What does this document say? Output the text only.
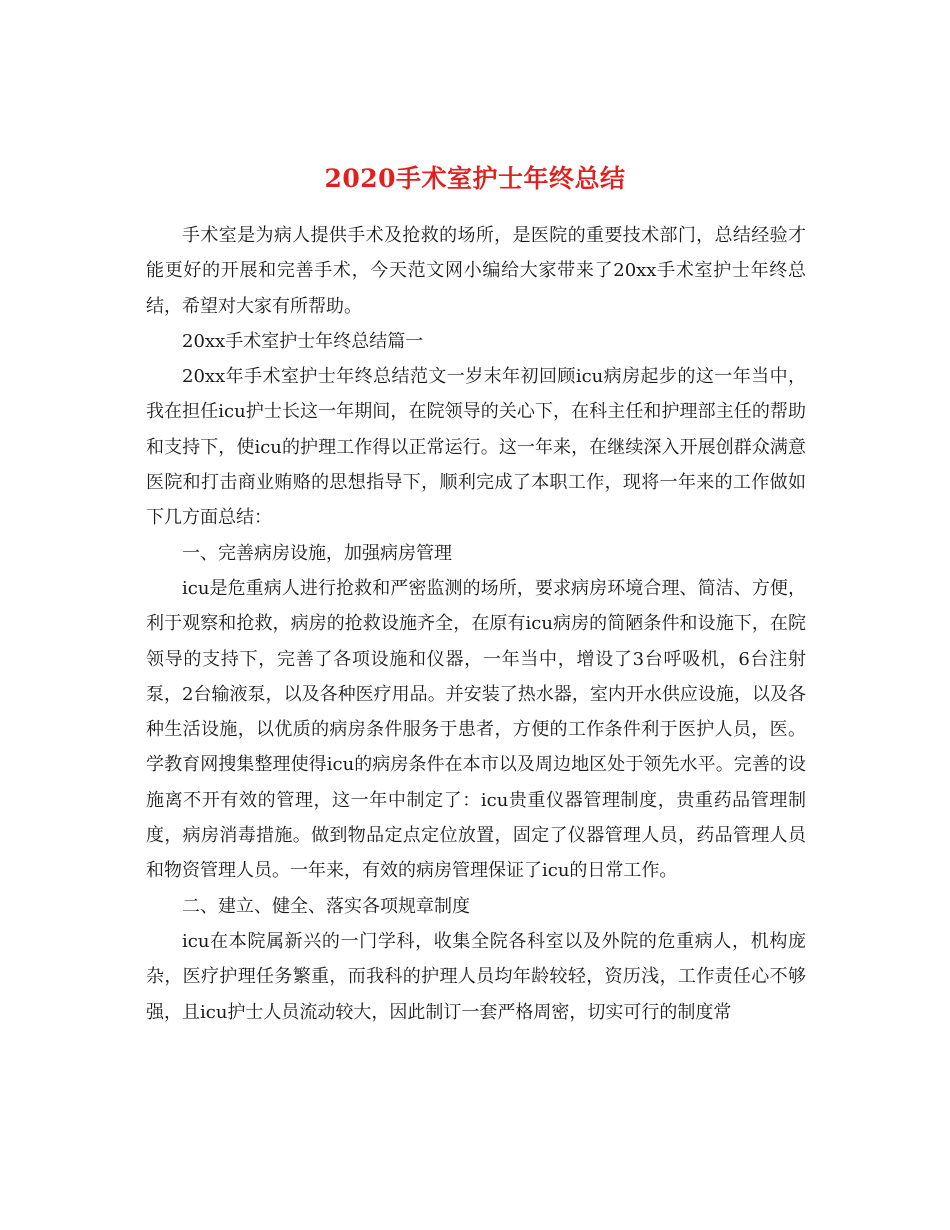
2020手术室护士年终总结

手术室是为病人提供手术及抢救的场所，是医院的重要技术部门，总结经验才能更好的开展和完善手术，今天范文网小编给大家带来了20xx手术室护士年终总结，希望对大家有所帮助。

20xx手术室护士年终总结篇一

20xx年手术室护士年终总结范文一岁末年初回顾icu病房起步的这一年当中，我在担任icu护士长这一年期间，在院领导的关心下，在科主任和护理部主任的帮助和支持下，使icu的护理工作得以正常运行。这一年来，在继续深入开展创群众满意医院和打击商业贿赂的思想指导下，顺利完成了本职工作，现将一年来的工作做如下几方面总结：

一、完善病房设施，加强病房管理

icu是危重病人进行抢救和严密监测的场所，要求病房环境合理、简洁、方便，利于观察和抢救，病房的抢救设施齐全，在原有icu病房的简陋条件和设施下，在院领导的支持下，完善了各项设施和仪器，一年当中，增设了3台呼吸机，6台注射泵，2台输液泵，以及各种医疗用品。并安装了热水器，室内开水供应设施，以及各种生活设施，以优质的病房条件服务于患者，方便的工作条件利于医护人员，医。学教育网搜集整理使得icu的病房条件在本市以及周边地区处于领先水平。完善的设施离不开有效的管理，这一年中制定了：icu贵重仪器管理制度，贵重药品管理制度，病房消毒措施。做到物品定点定位放置，固定了仪器管理人员，药品管理人员和物资管理人员。一年来，有效的病房管理保证了icu的日常工作。

二、建立、健全、落实各项规章制度

icu在本院属新兴的一门学科，收集全院各科室以及外院的危重病人，机构庞杂，医疗护理任务繁重，而我科的护理人员均年龄较轻，资历浅，工作责任心不够强，且icu护士人员流动较大，因此制订一套严格周密，切实可行的制度常
